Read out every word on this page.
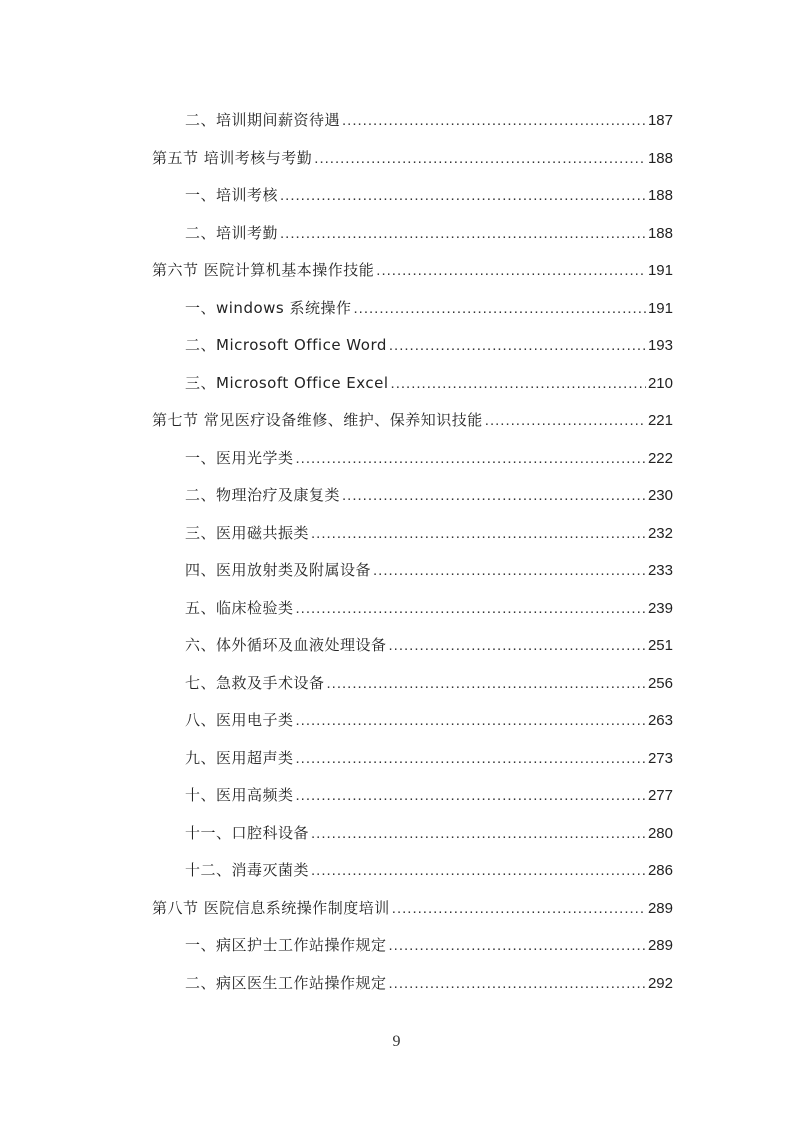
二、培训期间薪资待遇 .....	187
第五节 培训考核与考勤 .....	188
一、培训考核 .....	188
二、培训考勤 .....	188
第六节 医院计算机基本操作技能 .....	191
一、windows 系统操作 .....	191
二、Microsoft Office Word .....	193
三、Microsoft Office Excel .....	210
第七节 常见医疗设备维修、维护、保养知识技能 .....	221
一、医用光学类 .....	222
二、物理治疗及康复类 .....	230
三、医用磁共振类 .....	232
四、医用放射类及附属设备 .....	233
五、临床检验类 .....	239
六、体外循环及血液处理设备 .....	251
七、急救及手术设备 .....	256
八、医用电子类 .....	263
九、医用超声类 .....	273
十、医用高频类 .....	277
十一、口腔科设备 .....	280
十二、消毒灭菌类 .....	286
第八节 医院信息系统操作制度培训 .....	289
一、病区护士工作站操作规定 .....	289
二、病区医生工作站操作规定 .....	292
9
